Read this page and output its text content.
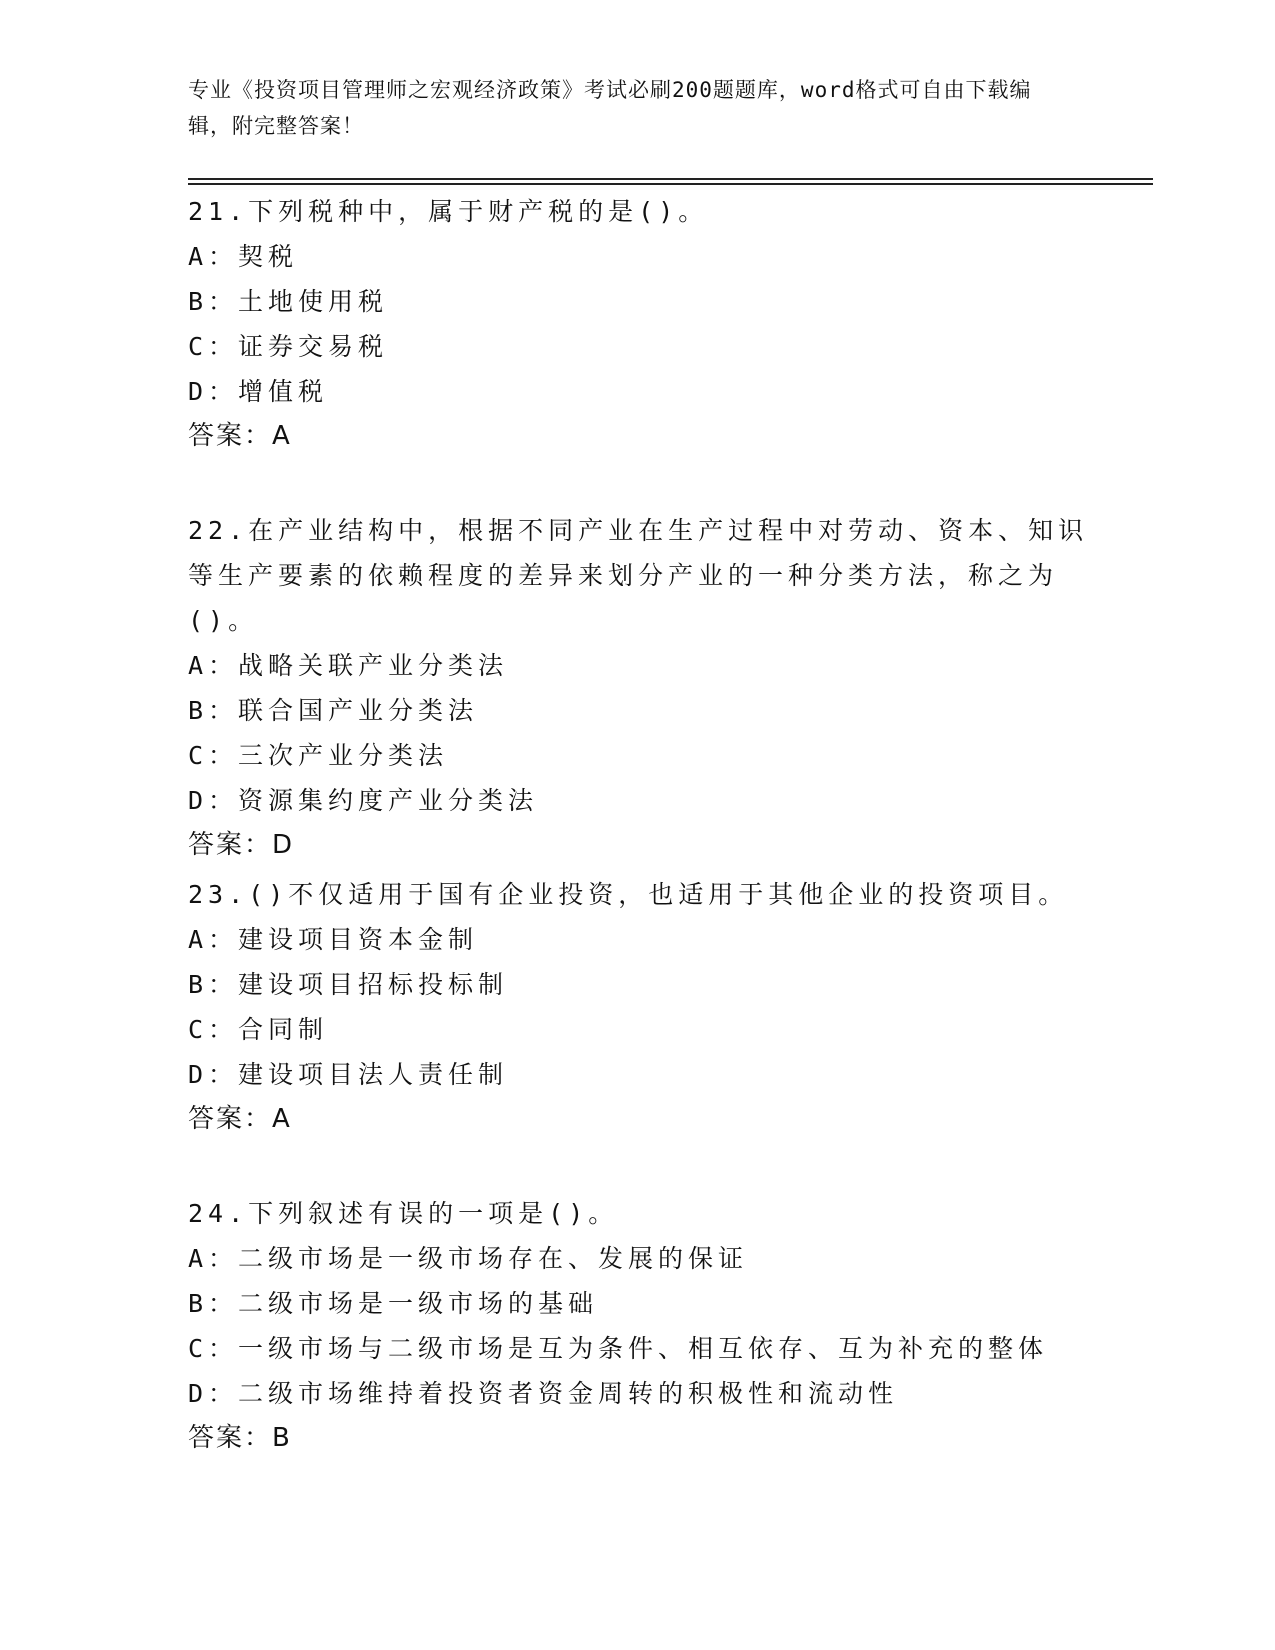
专业《投资项目管理师之宏观经济政策》考试必刷200题题库，word格式可自由下载编辑，附完整答案！
21.下列税种中，属于财产税的是()。
A：契税
B：土地使用税
C：证券交易税
D：增值税
答案：A
22.在产业结构中，根据不同产业在生产过程中对劳动、资本、知识等生产要素的依赖程度的差异来划分产业的一种分类方法，称之为()。
A：战略关联产业分类法
B：联合国产业分类法
C：三次产业分类法
D：资源集约度产业分类法
答案：D
23.()不仅适用于国有企业投资，也适用于其他企业的投资项目。
A：建设项目资本金制
B：建设项目招标投标制
C：合同制
D：建设项目法人责任制
答案：A
24.下列叙述有误的一项是()。
A：二级市场是一级市场存在、发展的保证
B：二级市场是一级市场的基础
C：一级市场与二级市场是互为条件、相互依存、互为补充的整体
D：二级市场维持着投资者资金周转的积极性和流动性
答案：B
